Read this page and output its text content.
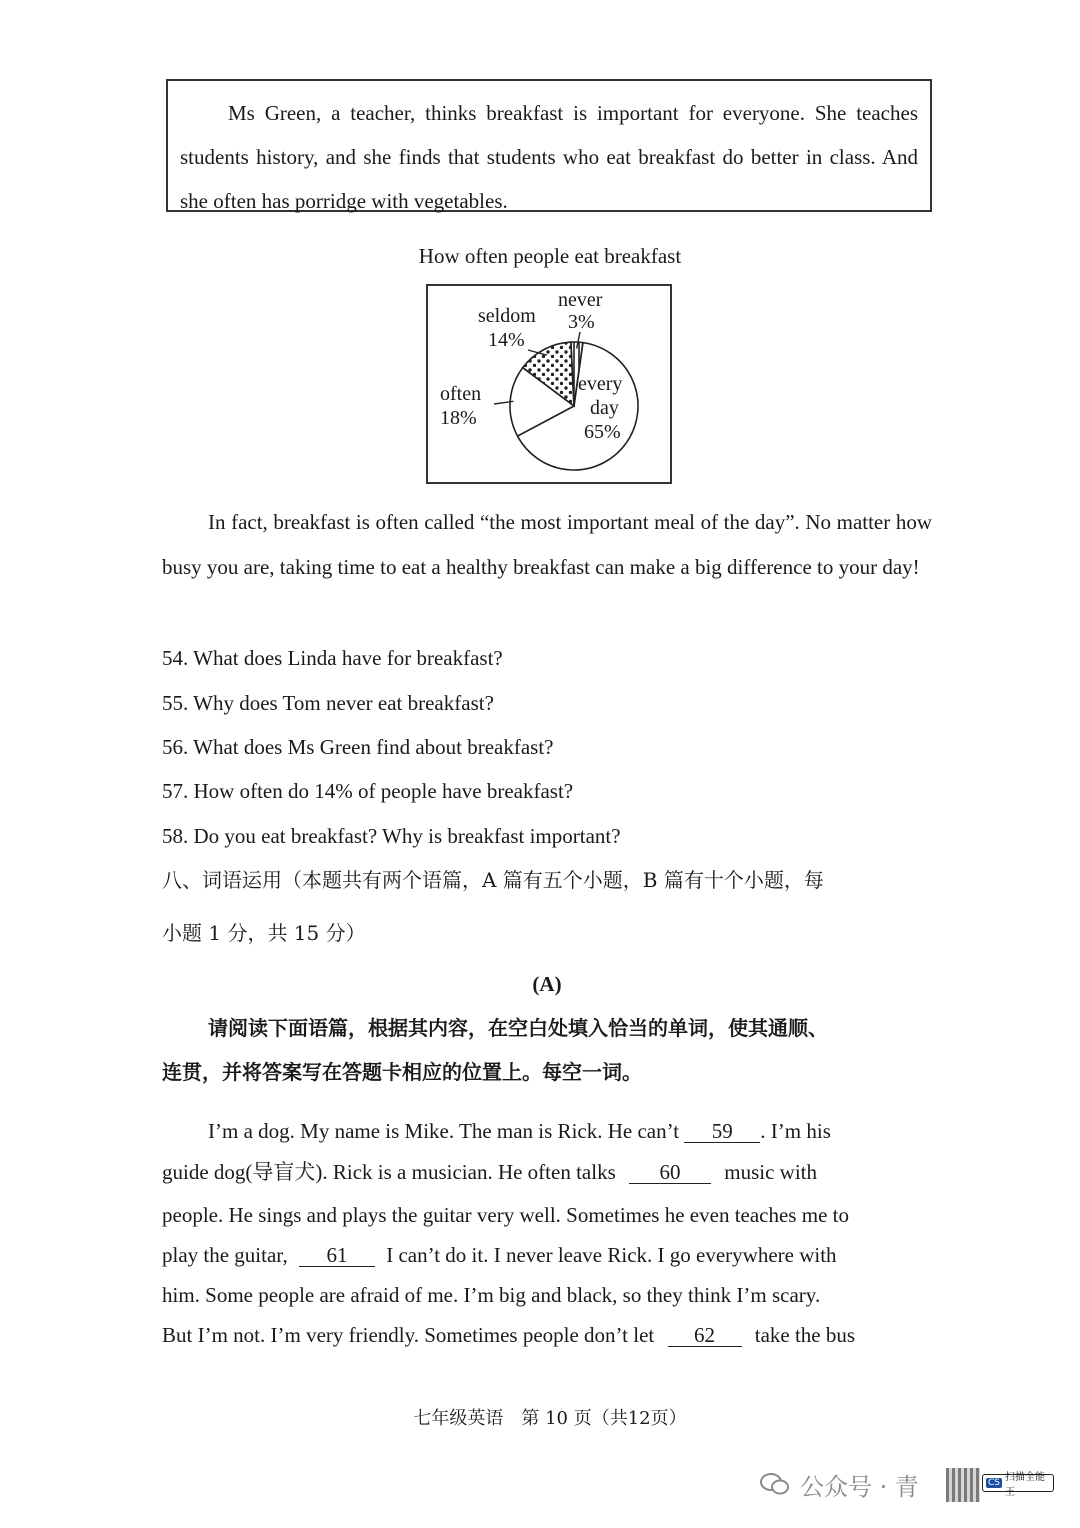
Ms Green, a teacher, thinks breakfast is important for everyone. She teaches students history, and she finds that students who eat breakfast do better in class. And she often has porridge with vegetables.
How often people eat breakfast
every
day
65%
often
18%
seldom
14%
never
3%
In fact, breakfast is often called “the most important meal of the day”. No matter how busy you are, taking time to eat a healthy breakfast can make a big difference to your day!
54. What does Linda have for breakfast?
55. Why does Tom never eat breakfast?
56. What does Ms Green find about breakfast?
57. How often do 14% of people have breakfast?
58. Do you eat breakfast? Why is breakfast important?
八、词语运用（本题共有两个语篇，A 篇有五个小题，B 篇有十个小题，每
小题 1 分，共 15 分）
(A)
请阅读下面语篇，根据其内容，在空白处填入恰当的单词，使其通顺、
连贯，并将答案写在答题卡相应的位置上。每空一词。
I’m a dog. My name is Mike. The man is Rick. He can’t 59 . I’m his
guide dog(导盲犬). Rick is a musician. He often talks 60 music with
people. He sings and plays the guitar very well. Sometimes he even teaches me to
play the guitar, 61 I can’t do it. I never leave Rick. I go everywhere with
him. Some people are afraid of me. I’m big and black, so they think I’m scary.
But I’m not. I’m very friendly. Sometimes people don’t let 62 take the bus
七年级英语　第 10 页（共12页）
公众号 · 青	CS 扫描全能王
